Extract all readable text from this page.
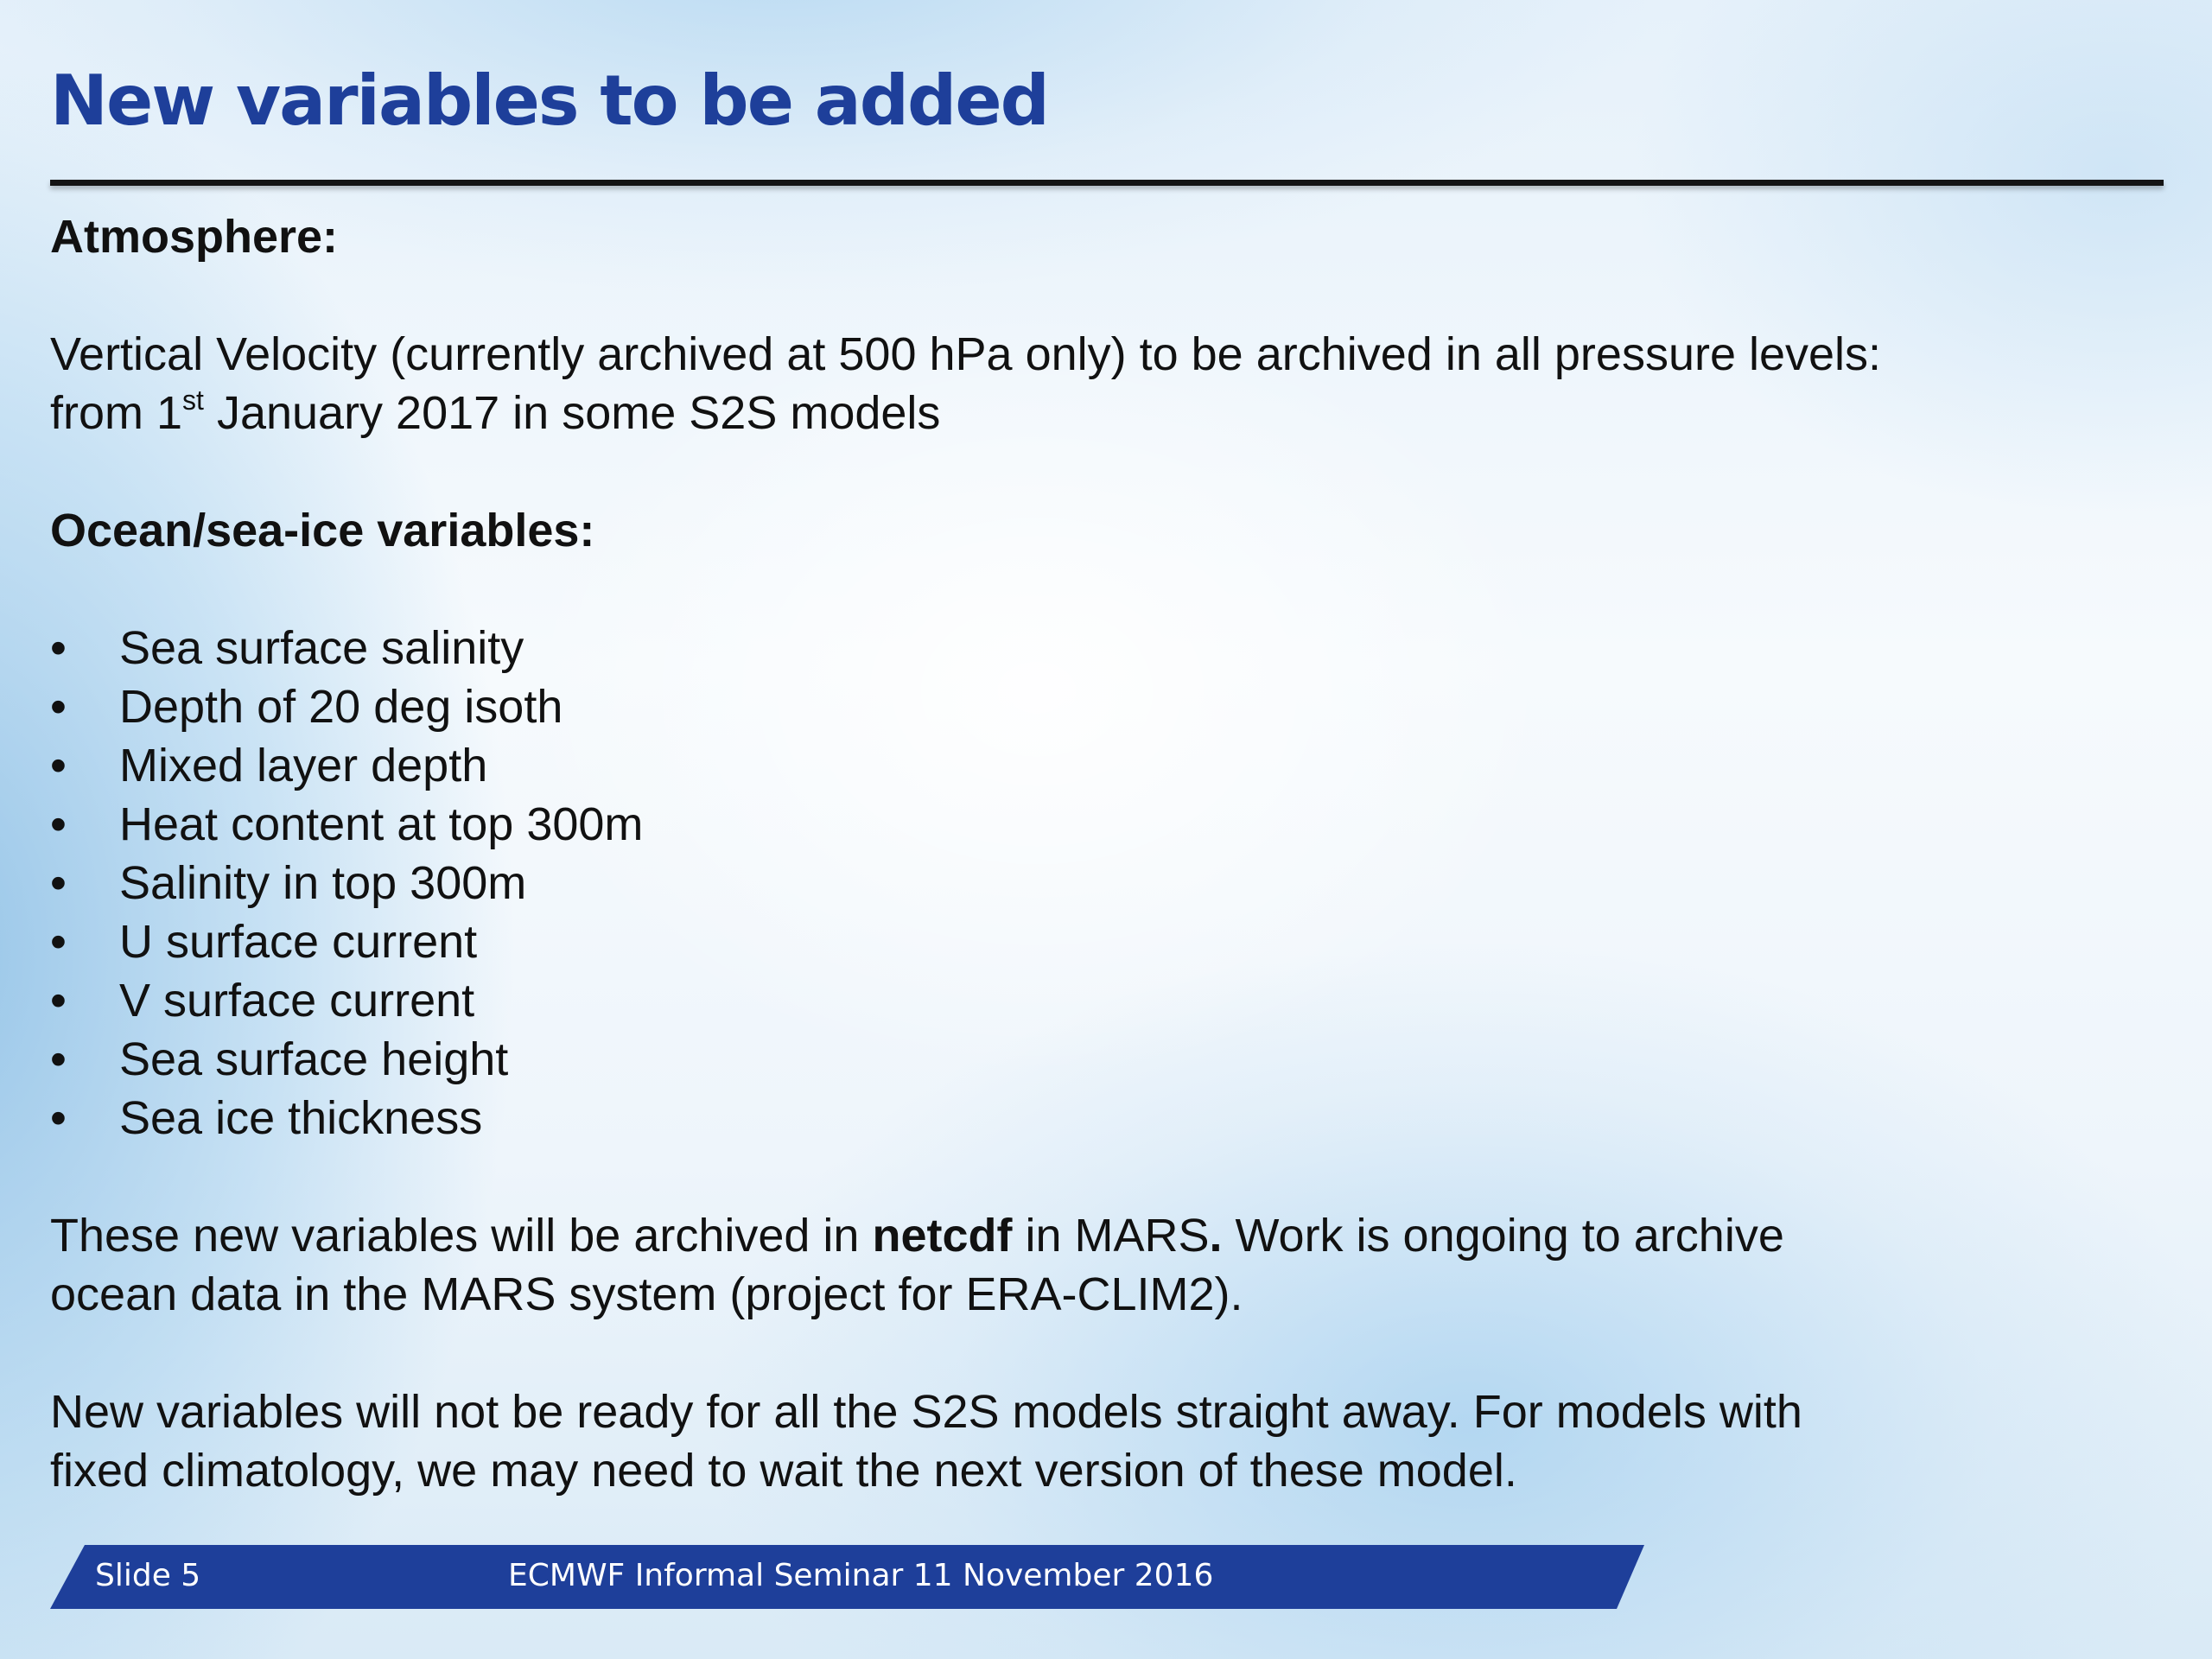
New variables to be added

Atmosphere:

Vertical Velocity (currently archived at 500 hPa only) to be archived in all pressure levels:

from 1st January 2017 in some S2S models

Ocean/sea-ice variables:

•	Sea surface salinity
•	Depth of 20 deg isoth
•	Mixed layer depth
•	Heat content at top 300m
•	Salinity in top 300m
•	U surface current
•	V surface current
•	Sea surface height
•	Sea ice thickness

These new variables will be archived in netcdf in MARS. Work is ongoing to archive

ocean data in the MARS system (project for ERA-CLIM2).

New variables will not be ready for all the S2S models straight away. For models with

fixed climatology, we may need to wait the next version of these model.

Slide 5	ECMWF Informal Seminar 11 November 2016
